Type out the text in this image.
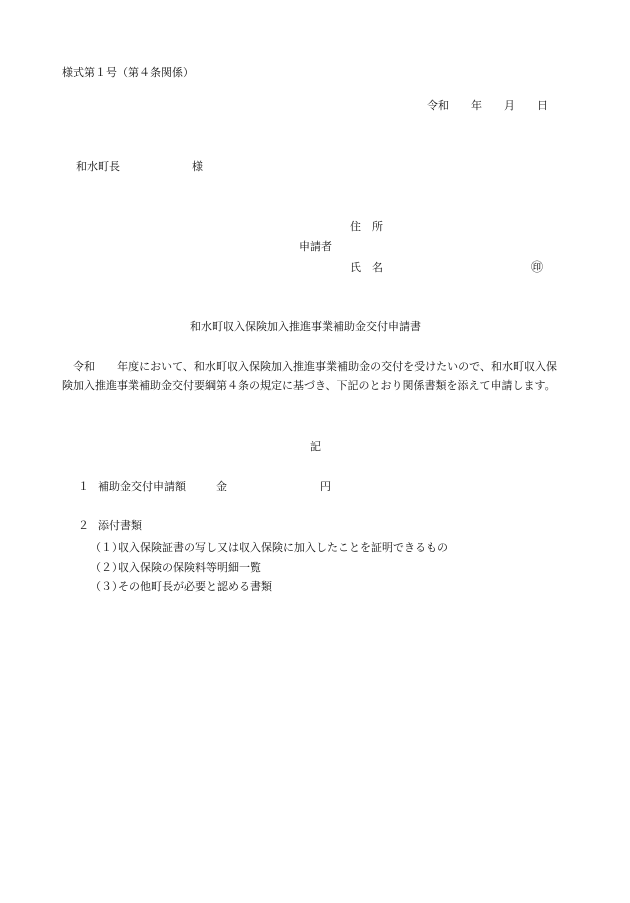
様式第１号（第４条関係）
令和 年 月 日
和水町長	様
住　所
申請者
氏　名	㊞
和水町収入保険加入推進事業補助金交付申請書
　令和　　 年度において、和水町収入保険加入推進事業補助金の交付を受けたいので、和水町収入保険加入推進事業補助金交付要綱第４条の規定に基づき、下記のとおり関係書類を添えて申請します。
記
１ 補助金交付申請額	金	円
２ 添付書類
（１）収入保険証書の写し又は収入保険に加入したことを証明できるもの
（２）収入保険の保険料等明細一覧
（３）その他町長が必要と認める書類
